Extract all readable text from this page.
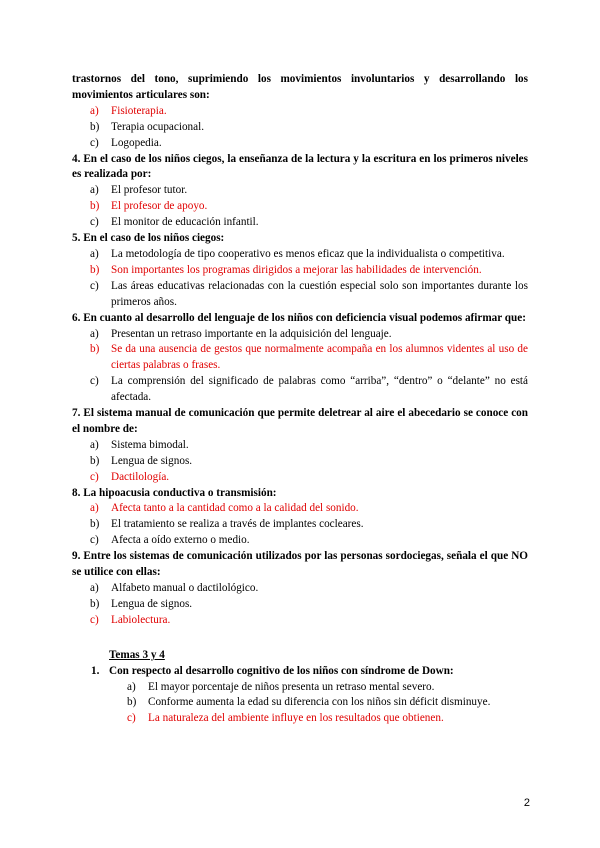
trastornos del tono, suprimiendo los movimientos involuntarios y desarrollando los movimientos articulares son:

a)	Fisioterapia.
b)	Terapia ocupacional.
c)	Logopedia.

4. En el caso de los niños ciegos, la enseñanza de la lectura y la escritura en los primeros niveles es realizada por:

a)	El profesor tutor.
b)	El profesor de apoyo.
c)	El monitor de educación infantil.

5. En el caso de los niños ciegos:

a)	La metodología de tipo cooperativo es menos eficaz que la individualista o competitiva.
b)	Son importantes los programas dirigidos a mejorar las habilidades de intervención.
c)	Las áreas educativas relacionadas con la cuestión especial solo son importantes durante los primeros años.

6. En cuanto al desarrollo del lenguaje de los niños con deficiencia visual podemos afirmar que:

a)	Presentan un retraso importante en la adquisición del lenguaje.
b)	Se da una ausencia de gestos que normalmente acompaña en los alumnos videntes al uso de ciertas palabras o frases.
c)	La comprensión del significado de palabras como “arriba”, “dentro” o “delante” no está afectada.

7. El sistema manual de comunicación que permite deletrear al aire el abecedario se conoce con el nombre de:

a)	Sistema bimodal.
b)	Lengua de signos.
c)	Dactilología.

8. La hipoacusia conductiva o transmisión:

a)	Afecta tanto a la cantidad como a la calidad del sonido.
b)	El tratamiento se realiza a través de implantes cocleares.
c)	Afecta a oído externo o medio.

9. Entre los sistemas de comunicación utilizados por las personas sordociegas, señala el que NO se utilice con ellas:

a)	Alfabeto manual o dactilológico.
b)	Lengua de signos.
c)	Labiolectura.
Temas 3 y 4
1. Con respecto al desarrollo cognitivo de los niños con síndrome de Down:
a)	El mayor porcentaje de niños presenta un retraso mental severo.
b)	Conforme aumenta la edad su diferencia con los niños sin déficit disminuye.
c)	La naturaleza del ambiente influye en los resultados que obtienen.
2
